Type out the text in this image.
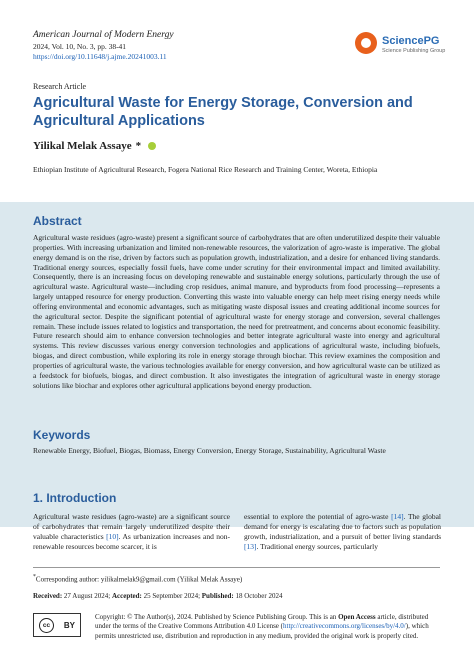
American Journal of Modern Energy
2024, Vol. 10, No. 3, pp. 38-41
https://doi.org/10.11648/j.ajme.20241003.11
SciencePG
Science Publishing Group
Research Article
Agricultural Waste for Energy Storage, Conversion and Agricultural Applications
Yilikal Melak Assaye *
Ethiopian Institute of Agricultural Research, Fogera National Rice Research and Training Center, Woreta, Ethiopia
Abstract
Agricultural waste residues (agro-waste) present a significant source of carbohydrates that are often underutilized despite their valuable properties. With increasing urbanization and limited non-renewable resources, the valorization of agro-waste is imperative. The global energy demand is on the rise, driven by factors such as population growth, industrialization, and a desire for enhanced living standards. Traditional energy sources, especially fossil fuels, have come under scrutiny for their environmental impact and limited availability. Consequently, there is an increasing focus on developing renewable and sustainable energy solutions, particularly through the use of agricultural waste. Agricultural waste—including crop residues, animal manure, and byproducts from food processing—represents a largely untapped resource for energy production. Converting this waste into valuable energy can help meet rising energy needs while offering environmental and economic advantages, such as mitigating waste disposal issues and creating additional income sources for the agricultural sector. Despite the significant potential of agricultural waste for energy storage and conversion, several challenges remain. These include issues related to logistics and transportation, the need for pretreatment, and concerns about economic feasibility. Future research should aim to enhance conversion technologies and better integrate agricultural waste into energy and agricultural systems. This review discusses various energy conversion technologies and applications of agricultural waste, including biofuels, biogas, and direct combustion, while exploring its role in energy storage through biochar. This review examines the composition and properties of agricultural waste, the various technologies available for energy conversion, and how agricultural waste can be utilized as a feedstock for biofuels, biogas, and direct combustion. It also investigates the integration of agricultural waste in energy storage solutions like biochar and explores other agricultural applications beyond energy production.
Keywords
Renewable Energy, Biofuel, Biogas, Biomass, Energy Conversion, Energy Storage, Sustainability, Agricultural Waste
1. Introduction
Agricultural waste residues (agro-waste) are a significant source of carbohydrates that remain largely underutilized despite their valuable characteristics [10]. As urbanization increases and non-renewable resources become scarcer, it is
essential to explore the potential of agro-waste [14]. The global demand for energy is escalating due to factors such as population growth, industrialization, and a pursuit of better living standards [13]. Traditional energy sources, particularly
*Corresponding author: yilikalmelak9@gmail.com (Yilikal Melak Assaye)
Received: 27 August 2024; Accepted: 25 September 2024; Published: 18 October 2024
cc	BY
Copyright: © The Author(s), 2024. Published by Science Publishing Group. This is an Open Access article, distributed under the terms of the Creative Commons Attribution 4.0 License (http://creativecommons.org/licenses/by/4.0/), which permits unrestricted use, distribution and reproduction in any medium, provided the original work is properly cited.
